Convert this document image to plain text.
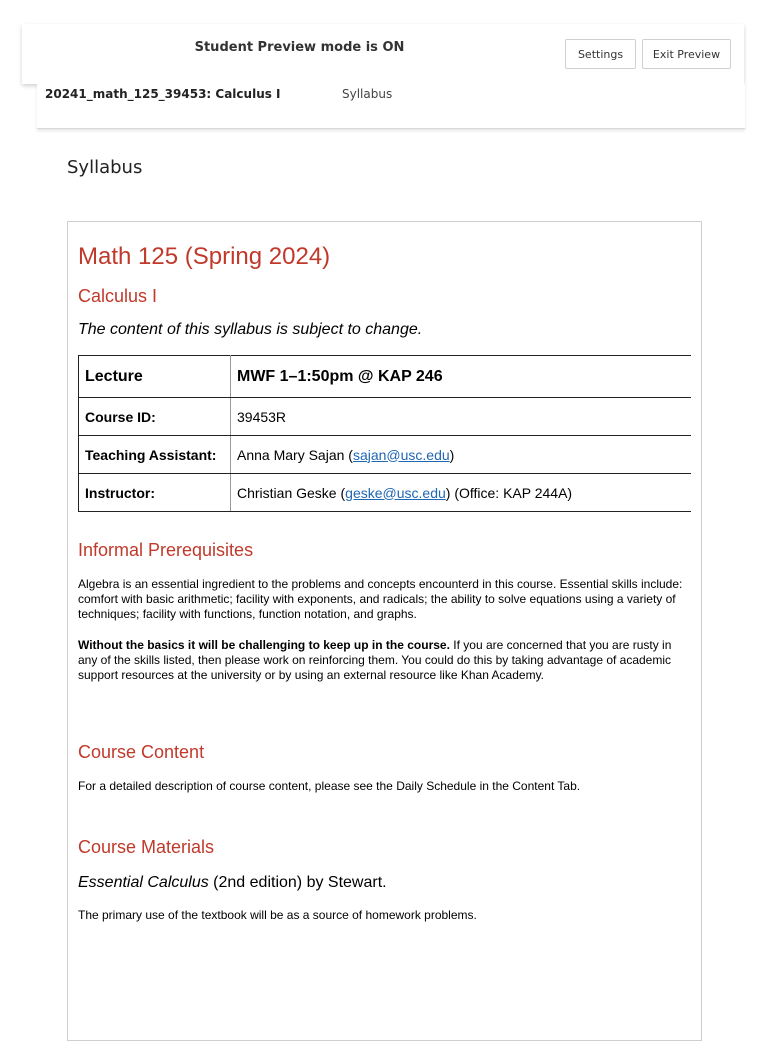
Student Preview mode is ON	Settings	Exit Preview
20241_math_125_39453: Calculus I	Syllabus
Syllabus
Math 125 (Spring 2024)
Calculus I
The content of this syllabus is subject to change.
Lecture	MWF 1–1:50pm @ KAP 246
Course ID:	39453R
Teaching Assistant:	Anna Mary Sajan (sajan@usc.edu)
Instructor:	Christian Geske (geske@usc.edu) (Office: KAP 244A)
Informal Prerequisites
Algebra is an essential ingredient to the problems and concepts encounterd in this course. Essential skills include: comfort with basic arithmetic; facility with exponents, and radicals; the ability to solve equations using a variety of techniques; facility with functions, function notation, and graphs.
Without the basics it will be challenging to keep up in the course. If you are concerned that you are rusty in any of the skills listed, then please work on reinforcing them. You could do this by taking advantage of academic support resources at the university or by using an external resource like Khan Academy.
Course Content
For a detailed description of course content, please see the Daily Schedule in the Content Tab.
Course Materials
Essential Calculus (2nd edition) by Stewart.
The primary use of the textbook will be as a source of homework problems.
